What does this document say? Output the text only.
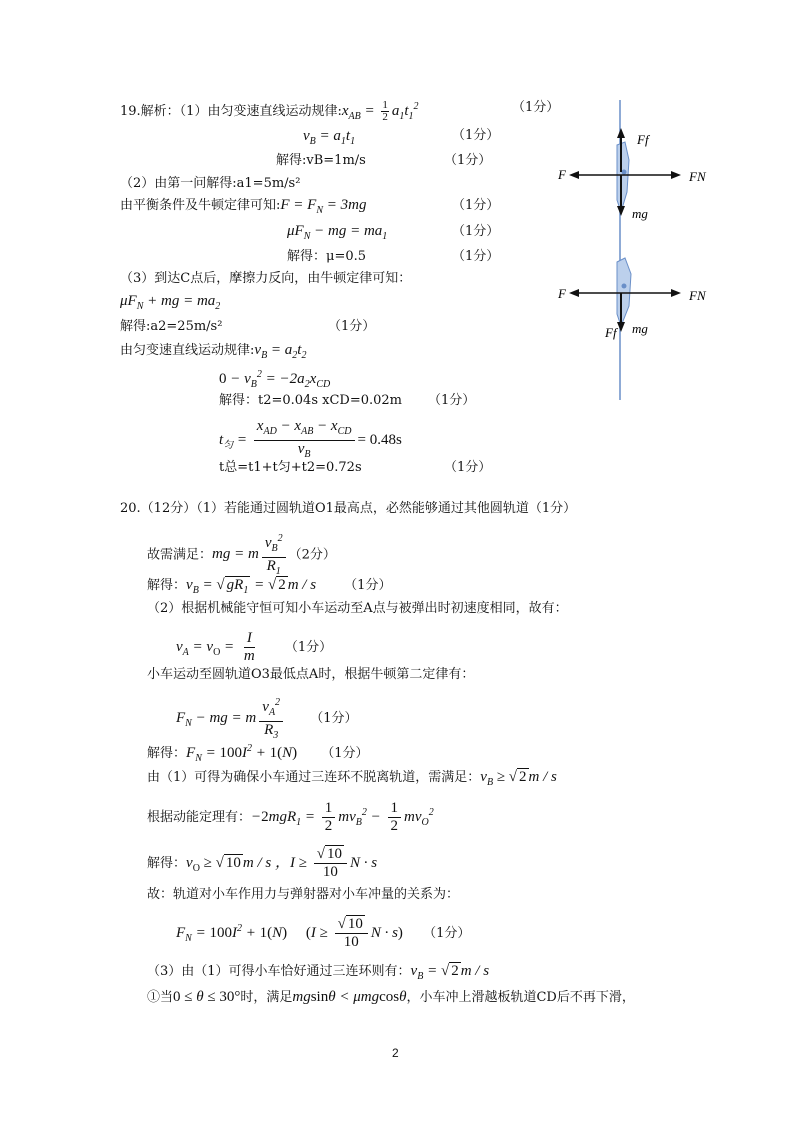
19.解析：（1）由匀变速直线运动规律$:x_{AB} = \frac{1}{2} a_1t_1^2$	（1分）
$v_B = a_1t_1$	（1分）
解得:vB=1m/s	（1分）
（2）由第一问解得:a1=5m/s²
由平衡条件及牛顿定律可知:F = $F_N = 3mg$	（1分）
$\mu F_N$ − mg = $ma_1$	（1分）
解得：μ=0.5	（1分）
（3）到达C点后，摩擦力反向，由牛顿定律可知：
$\mu F_N$ + mg = $ma_2$
解得:a2=25m/s²	（1分）
由匀变速直线运动规律$:v_B = a_2t_2$
$0 - v_B^2 = -2a_2x_{CD}$
解得：t2=0.04s xCD=0.02m （1分）
$t_匀 = \frac{x_{AD} - x_{AB} - x_{CD}}{v_B} = 0.48s$
t总=t1+t匀+t2=0.72s	（1分）
Ff
F	FN
mg
F	FN
Ff mg
20.（12分）（1）若能通过圆轨道O1最高点，必然能够通过其他圆轨道（1分）
故需满足：mg = m $\frac{v_B^2}{R_1} (2$分）
解得：$v_B$ = √ $gR_1$ = √ 2 m / s （1分）
（2）根据机械能守恒可知小车运动至A点与被弹出时初速度相同，故有：
$v_A = v_O = \frac{I}{m} (1$分）
小车运动至圆轨道O3最低点A时，根据牛顿第二定律有：
$F_N$ − mg = m $\frac{v_A^2}{R_3} (1$分）
解得：$F_N = 100I^2 + 1(N)$ （1分）
由（1）可得为确保小车通过三连环不脱离轨道，需满足：$v_B$ ≥ √ 2 m / s
根据动能定理有：$-2mgR_1 = \frac{1}{2} mv_B^2 - \frac{1}{2} mv_O^2$
解得：$v_O$ ≥ √ 10 m / s ，$I \ge \frac{√ 10}{10}$ N · s
故：轨道对小车作用力与弹射器对小车冲量的关系为：
$F_N = 100I^2 + 1(N) (I \ge \frac{√ 10}{10}$ N · s) （1分）
（3）由（1）可得小车恰好通过三连环则有：$v_B$ = √ 2 m / s
①当0 ≤ θ ≤ 30°时，满足mgsinθ < μmgcosθ，小车冲上滑越板轨道CD后不再下滑，
2
